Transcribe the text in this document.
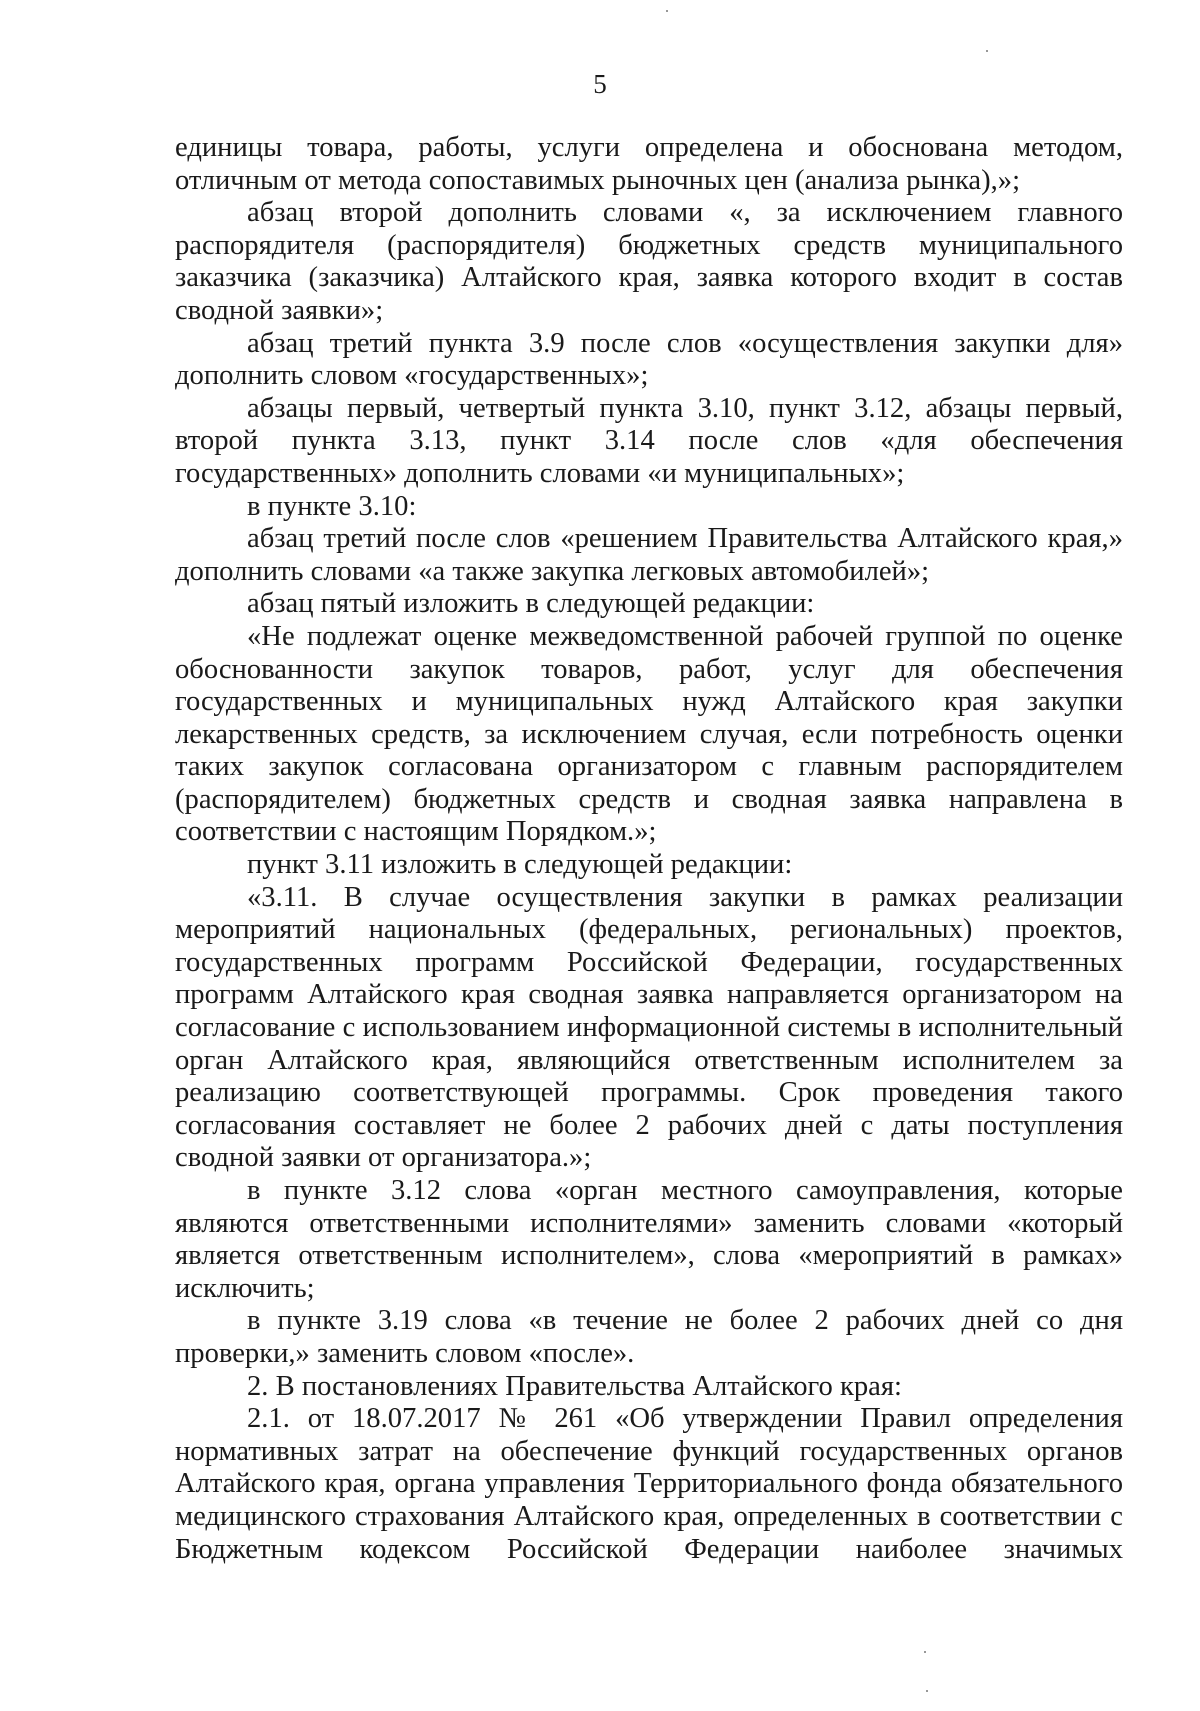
5

единицы товара, работы, услуги определена и обоснована методом, отличным от метода сопоставимых рыночных цен (анализа рынка),»;

абзац второй дополнить словами «, за исключением главного распорядителя (распорядителя) бюджетных средств муниципального заказчика (заказчика) Алтайского края, заявка которого входит в состав сводной заявки»;

абзац третий пункта 3.9 после слов «осуществления закупки для» дополнить словом «государственных»;

абзацы первый, четвертый пункта 3.10, пункт 3.12, абзацы первый, второй пункта 3.13, пункт 3.14 после слов «для обеспечения государственных» дополнить словами «и муниципальных»;

в пункте 3.10:

абзац третий после слов «решением Правительства Алтайского края,» дополнить словами «а также закупка легковых автомобилей»;

абзац пятый изложить в следующей редакции:

«Не подлежат оценке межведомственной рабочей группой по оценке обоснованности закупок товаров, работ, услуг для обеспечения государственных и муниципальных нужд Алтайского края закупки лекарственных средств, за исключением случая, если потребность оценки таких закупок согласована организатором с главным распорядителем (распорядителем) бюджетных средств и сводная заявка направлена в соответствии с настоящим Порядком.»;

пункт 3.11 изложить в следующей редакции:

«3.11. В случае осуществления закупки в рамках реализации мероприятий национальных (федеральных, региональных) проектов, государственных программ Российской Федерации, государственных программ Алтайского края сводная заявка направляется организатором на согласование с использованием информационной системы в исполнительный орган Алтайского края, являющийся ответственным исполнителем за реализацию соответствующей программы. Срок проведения такого согласования составляет не более 2 рабочих дней с даты поступления сводной заявки от организатора.»;

в пункте 3.12 слова «орган местного самоуправления, которые являются ответственными исполнителями» заменить словами «который является ответственным исполнителем», слова «мероприятий в рамках» исключить;

в пункте 3.19 слова «в течение не более 2 рабочих дней со дня проверки,» заменить словом «после».

2. В постановлениях Правительства Алтайского края:

2.1. от 18.07.2017 № 261 «Об утверждении Правил определения нормативных затрат на обеспечение функций государственных органов Алтайского края, органа управления Территориального фонда обязательного медицинского страхования Алтайского края, определенных в соответствии с Бюджетным кодексом Российской Федерации наиболее значимых
